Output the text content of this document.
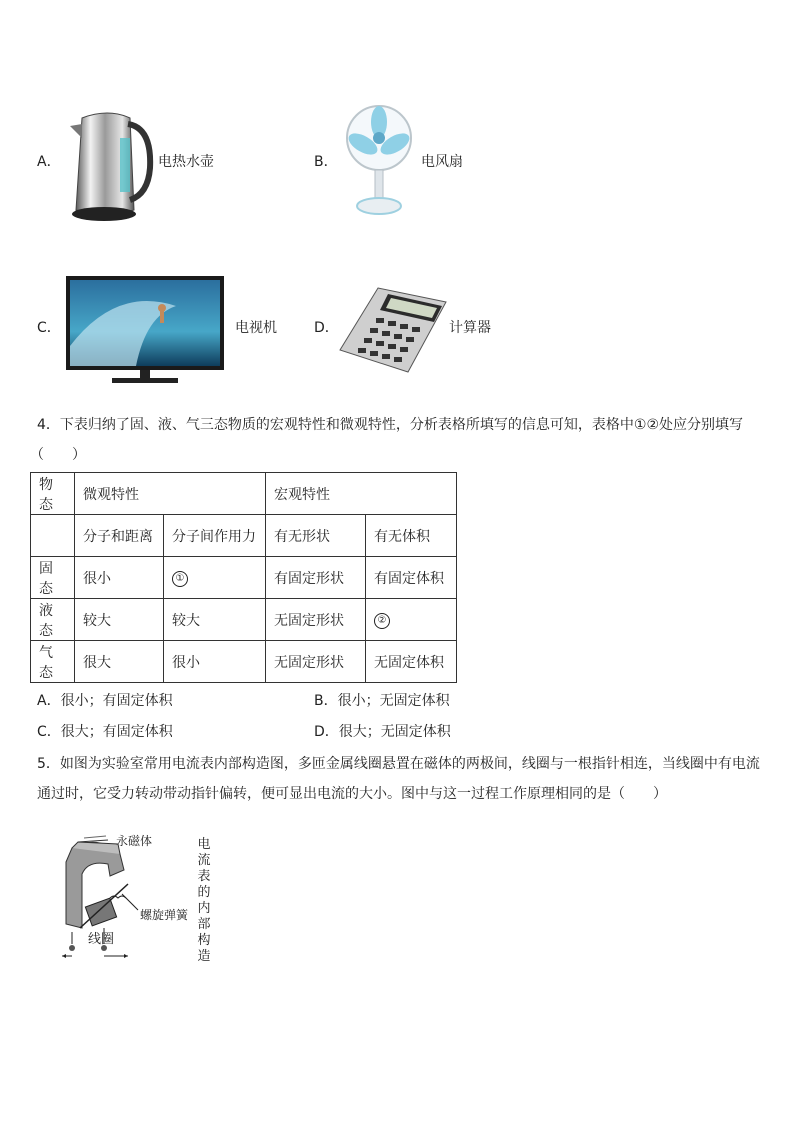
A．	电热水壶	B．	电风扇
C．	电视机	D．	计算器
4．下表归纳了固、液、气三态物质的宏观特性和微观特性，分析表格所填写的信息可知，表格中①②处应分别填写
（　　）
物态	微观特性		宏观特性	
	分子和距离	分子间作用力	有无形状	有无体积
固态	很小	①	有固定形状	有固定体积
液态	较大	较大	无固定形状	②
气态	很大	很小	无固定形状	无固定体积
A．很小；有固定体积	B．很小；无固定体积
C．很大；有固定体积	D．很大；无固定体积
5．如图为实验室常用电流表内部构造图，多匝金属线圈悬置在磁体的两极间，线圈与一根指针相连，当线圈中有电流
通过时，它受力转动带动指针偏转，便可显出电流的大小。图中与这一过程工作原理相同的是（　　）
永磁体
螺旋弹簧
线圈
电
流
表
的
内
部
构
造
